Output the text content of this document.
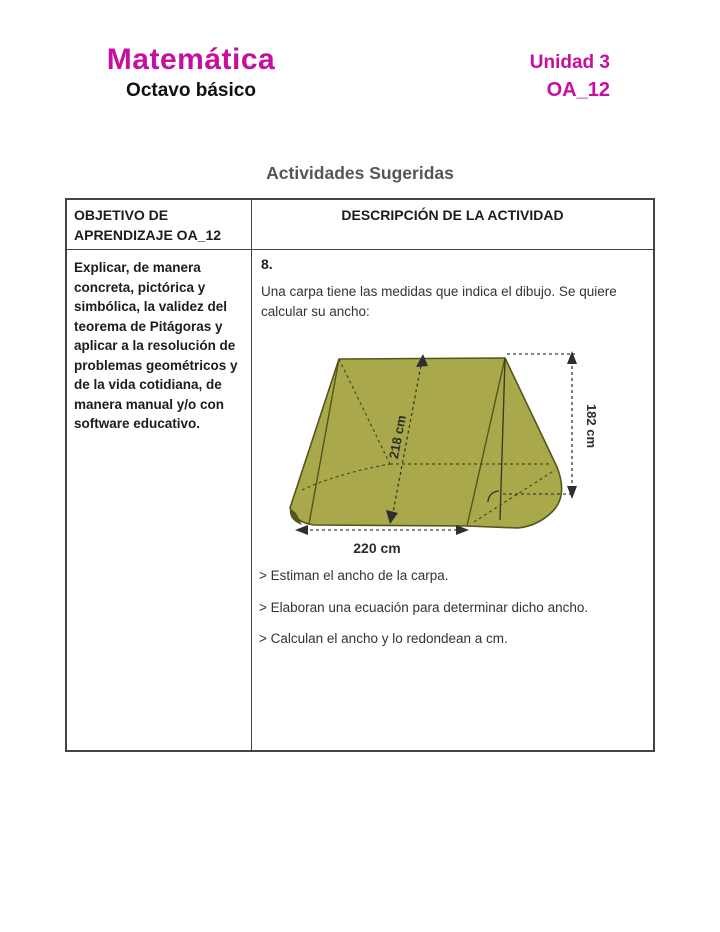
Matemática
Octavo básico
Unidad 3
OA_12
Actividades Sugeridas
OBJETIVO DE
APRENDIZAJE OA_12
DESCRIPCIÓN DE LA ACTIVIDAD
Explicar, de manera
concreta, pictórica y
simbólica, la validez del
teorema de Pitágoras y
aplicar a la resolución de
problemas geométricos y
de la vida cotidiana, de
manera manual y/o con
software educativo.
8.
Una carpa tiene las medidas que indica el dibujo. Se quiere
calcular su ancho:
218 cm	182 cm
220 cm
> Estiman el ancho de la carpa.
> Elaboran una ecuación para determinar dicho ancho.
> Calculan el ancho y lo redondean a cm.
